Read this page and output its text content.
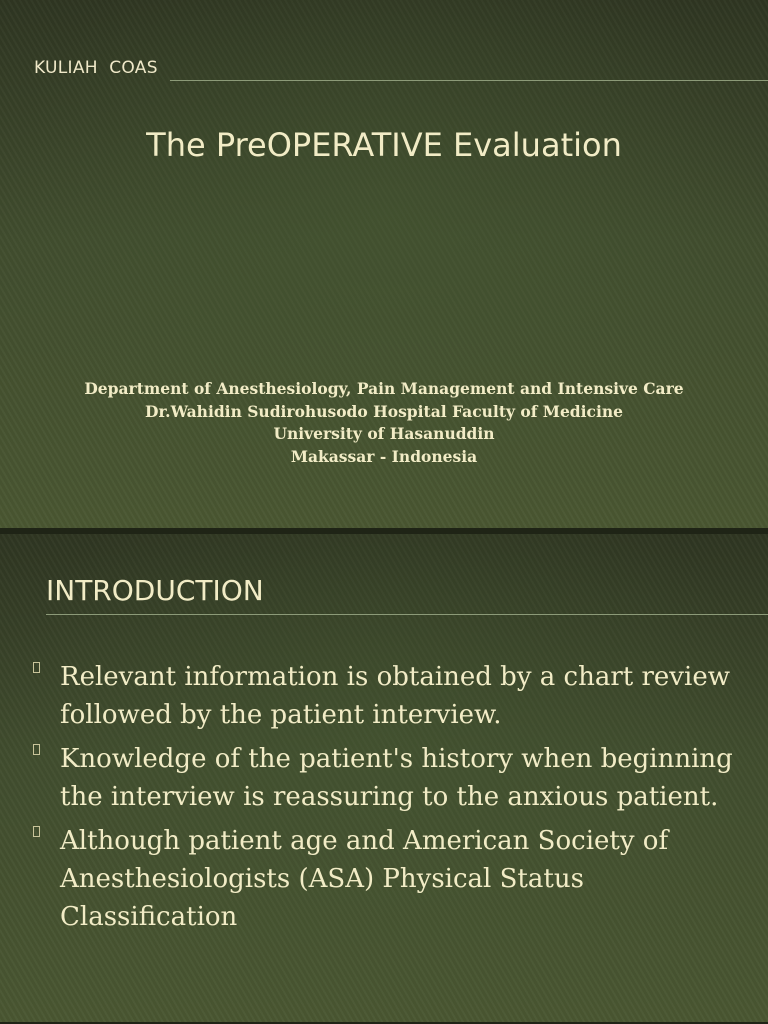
KULIAH  COAS
The PreOPERATIVE Evaluation
Department of Anesthesiology, Pain Management and Intensive Care
Dr.Wahidin Sudirohusodo Hospital Faculty of Medicine
University of Hasanuddin
Makassar - Indonesia
INTRODUCTION
Relevant information is obtained by a chart review followed by the patient interview.
Knowledge of the patient's history when beginning the interview is reassuring to the anxious patient.
Although patient age and American Society of Anesthesiologists (ASA) Physical Status Classification
